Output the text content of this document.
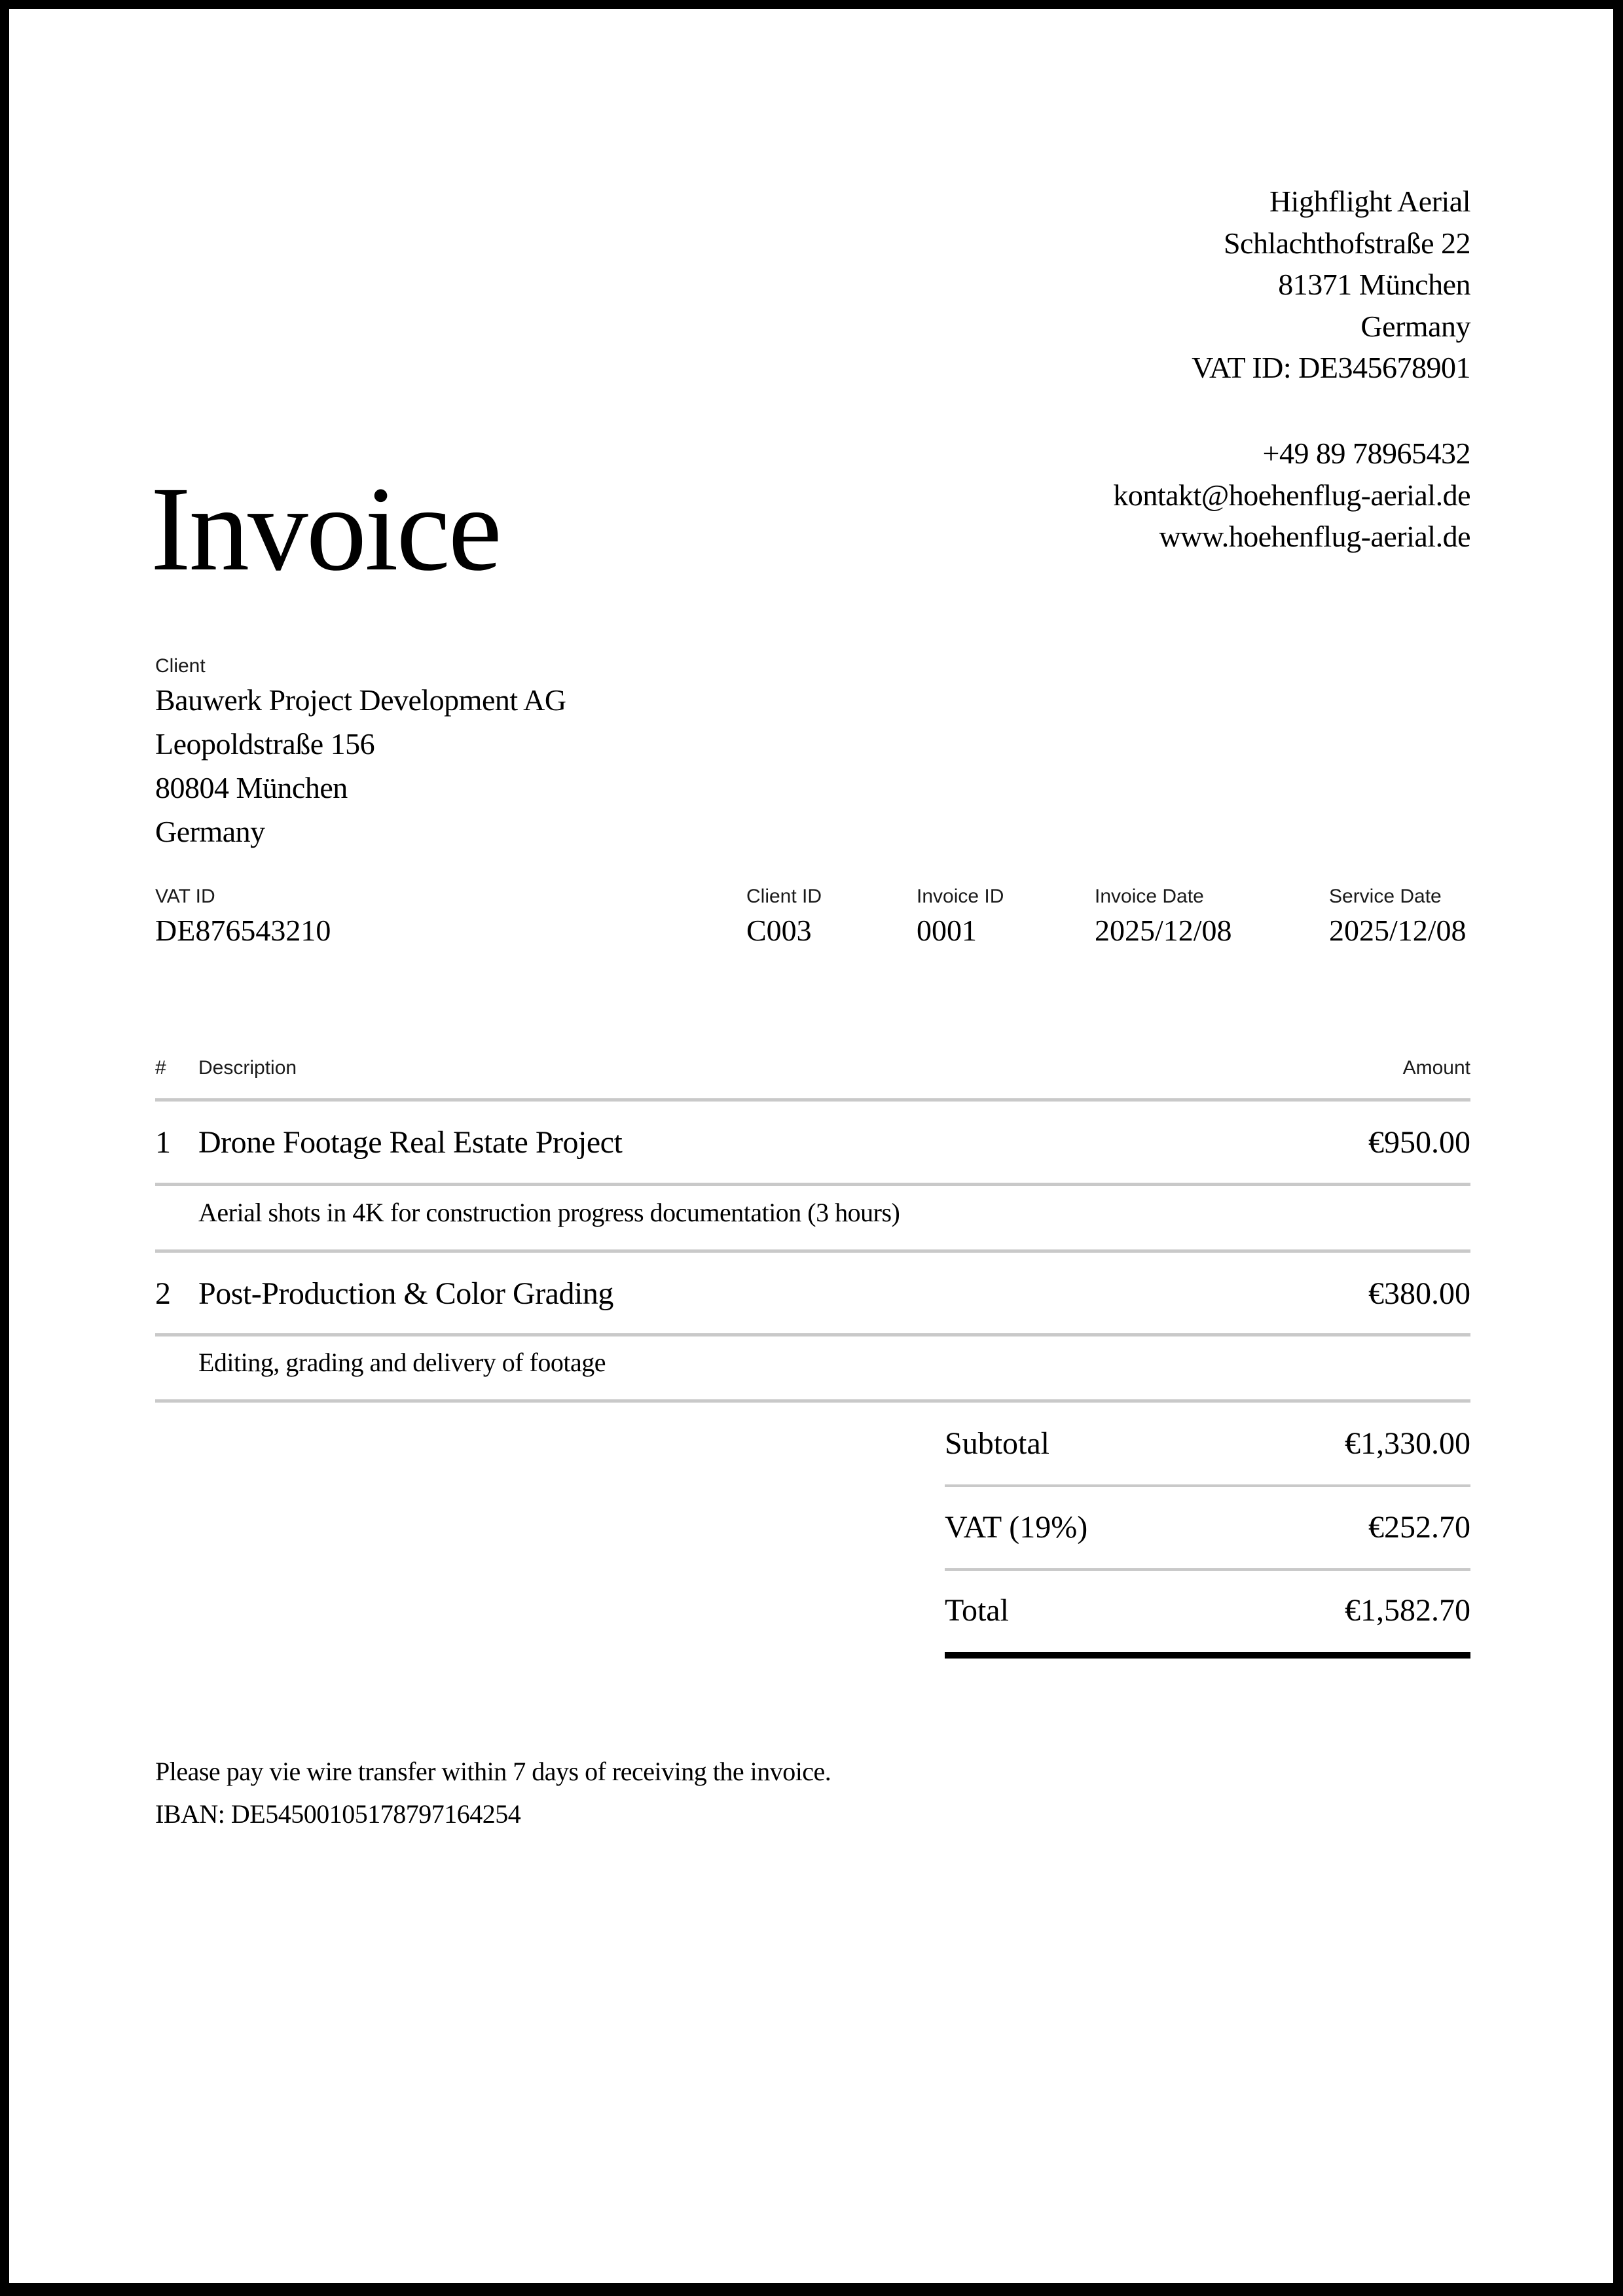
Highflight Aerial
Schlachthofstraße 22
81371 München
Germany
VAT ID: DE345678901
+49 89 78965432
kontakt@hoehenflug-aerial.de
www.hoehenflug-aerial.de
Invoice
Client
Bauwerk Project Development AG
Leopoldstraße 156
80804 München
Germany
VAT ID
DE876543210
Client ID
C003
Invoice ID
0001
Invoice Date
2025/12/08
Service Date
2025/12/08
# Description	Amount
1 Drone Footage Real Estate Project	€950.00
Aerial shots in 4K for construction progress documentation (3 hours)
2 Post-Production & Color Grading	€380.00
Editing, grading and delivery of footage
Subtotal	€1,330.00
VAT (19%)	€252.70
Total	€1,582.70
Please pay vie wire transfer within 7 days of receiving the invoice.
IBAN: DE54500105178797164254
